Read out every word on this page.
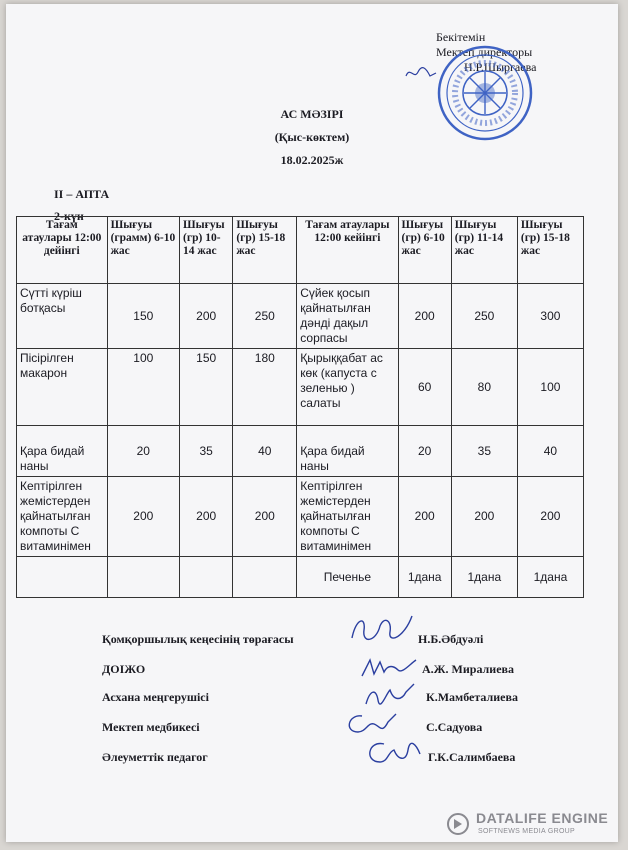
Бекітемін
Мектеп директоры
Н.Р.Шыргаева
АС МӘЗІРІ
(Қыс-көктем)
18.02.2025ж
ІІ – АПТА
2-күн
Тағам атаулары 12:00 дейінгі	Шығуы (грамм) 6-10 жас	Шығуы (гр) 10-14 жас	Шығуы (гр) 15-18 жас	Тағам атаулары 12:00 кейінгі	Шығуы (гр) 6-10 жас	Шығуы (гр) 11-14 жас	Шығуы (гр) 15-18 жас
Сүтті күріш ботқасы	150	200	250	Сүйек қосып қайнатылған дәнді дақыл сорпасы	200	250	300
Пісірілген макарон	100	150	180	Қырыққабат ас көк (капуста с зеленью ) салаты	60	80	100
Қара бидай наны	20	35	40	Қара бидай наны	20	35	40
Кептірілген жемістерден қайнатылған компоты С витаминімен	200	200	200	Кептірілген жемістерден қайнатылған компоты С витаминімен	200	200	200
				Печенье	1дана	1дана	1дана
Қомқоршылық кеңесінің төрағасы	Н.Б.Әбдуәлі
ДОІЖО	А.Ж. Миралиева
Асхана меңгерушісі	К.Мамбеталиева
Мектеп медбикесі	С.Садуова
Әлеуметтік педагог	Г.К.Салимбаева
DATALIFE ENGINE
SOFTNEWS MEDIA GROUP
